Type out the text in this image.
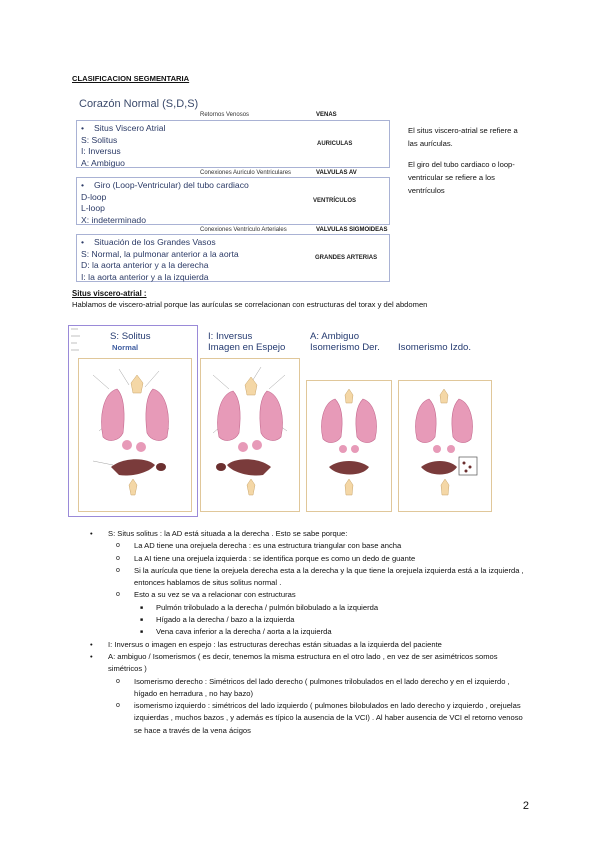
CLASIFICACION SEGMENTARIA
Corazón Normal (S,D,S)
Retornos Venosos	VENAS
• Situs Viscero Atrial
S: Solitus
I: Inversus
A: Ambiguo
AURICULAS
Conexiones Auriculo Ventriculares	VALVULAS AV
• Giro (Loop-Ventricular) del tubo cardiaco
D-loop
L-loop
X: indeterminado
VENTRÍCULOS
Conexiones Ventrículo Arteriales	VALVULAS SIGMOIDEAS
• Situación de los Grandes Vasos
S: Normal, la pulmonar anterior a la aorta
D: la aorta anterior y a la derecha
I: la aorta anterior y a la izquierda
GRANDES ARTERIAS
El situs viscero-atrial se refiere a las aurículas.
El giro del tubo cardiaco o loop-ventricular se refiere a los ventrículos
Situs viscero-atrial :
Hablamos de viscero-atrial porque las aurículas se correlacionan con estructuras del torax y del abdomen
S: Solitus
Normal
I: Inversus
Imagen en Espejo
A: Ambiguo
Isomerismo Der. Isomerismo Izdo.
• S: Situs solitus : la AD está situada a la derecha . Esto se sabe porque:
o La AD tiene una orejuela derecha : es una estructura triangular con base ancha
o La AI tiene una orejuela izquierda : se identifica porque es como un dedo de guante
o Si la aurícula que tiene la orejuela derecha esta a la derecha y la que tiene la orejuela izquierda está a la izquierda , entonces hablamos de situs solitus normal .
o Esto a su vez se va a relacionar con estructuras
■ Pulmón trilobulado a la derecha / pulmón bilobulado a la izquierda
■ Hígado a la derecha / bazo a la izquierda
■ Vena cava inferior a la derecha / aorta a la izquierda
• I: Inversus o imagen en espejo : las estructuras derechas están situadas a la izquierda del paciente
• A: ambiguo / Isomerismos ( es decir, tenemos la misma estructura en el otro lado , en vez de ser asimétricos somos simétricos )
o Isomerismo derecho : Simétricos del lado derecho ( pulmones trilobulados en el lado derecho y en el izquierdo , hígado en herradura , no hay bazo)
o isomerismo izquierdo : simétricos del lado izquierdo ( pulmones bilobulados en lado derecho y izquierdo , orejuelas izquierdas , muchos bazos , y además es típico la ausencia de la VCI) . Al haber ausencia de VCI el retorno venoso se hace a través de la vena ácigos
2
